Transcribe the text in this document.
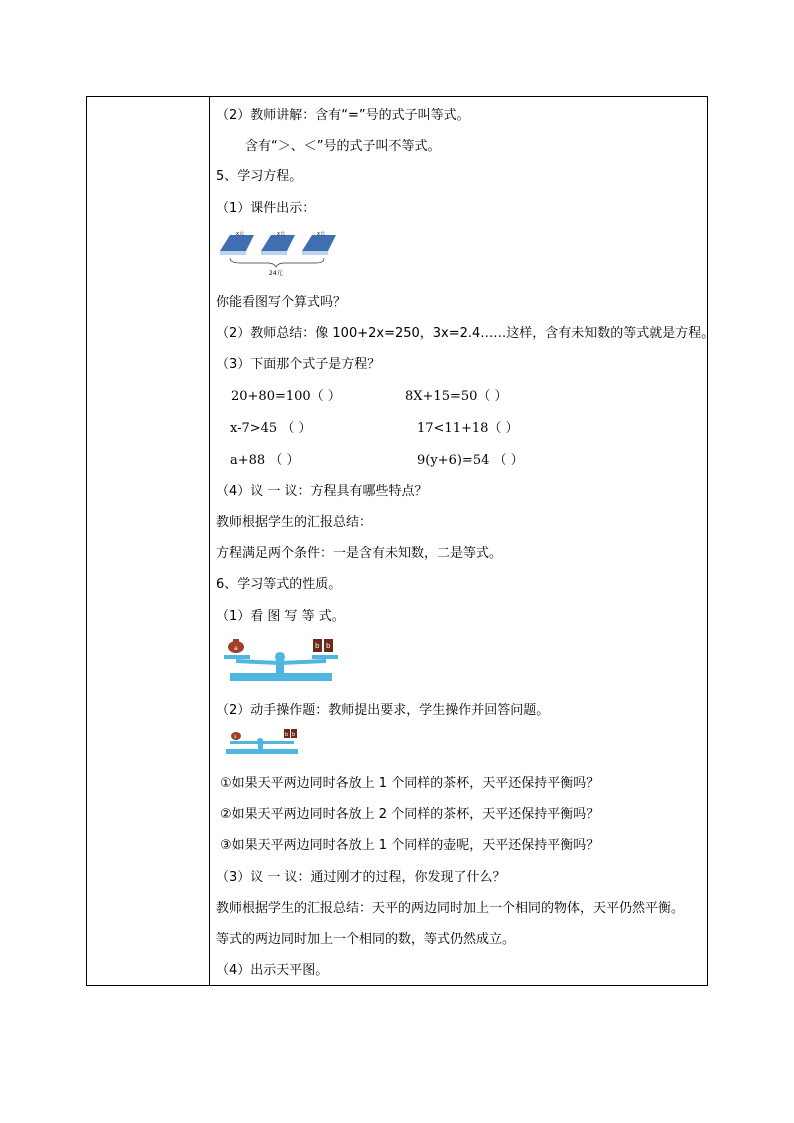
（2）教师讲解：含有“=”号的式子叫等式。
含有“＞、＜”号的式子叫不等式。
5、学习方程。
（1）课件出示：
x元	x元	x元
24元
你能看图写个算式吗？
（2）教师总结：像 100+2x=250，3x=2.4……这样，含有未知数的等式就是方程。
（3）下面那个式子是方程？
20+80=100（ ）	8X+15=50（ ）
x-7>45 （ ）	17<11+18（ ）
a+88 （ ）	9(y+6)=54 （ ）
（4）议 一 议：方程具有哪些特点？
教师根据学生的汇报总结：
方程满足两个条件：一是含有未知数，二是等式。
6、学习等式的性质。
（1）看 图 写 等 式。
a	b b
（2）动手操作题：教师提出要求，学生操作并回答问题。
a	b b
①如果天平两边同时各放上 1 个同样的茶杯，天平还保持平衡吗？
②如果天平两边同时各放上 2 个同样的茶杯，天平还保持平衡吗？
③如果天平两边同时各放上 1 个同样的壶呢，天平还保持平衡吗？
（3）议 一 议：通过刚才的过程，你发现了什么？
教师根据学生的汇报总结：天平的两边同时加上一个相同的物体，天平仍然平衡。
等式的两边同时加上一个相同的数，等式仍然成立。
（4）出示天平图。
